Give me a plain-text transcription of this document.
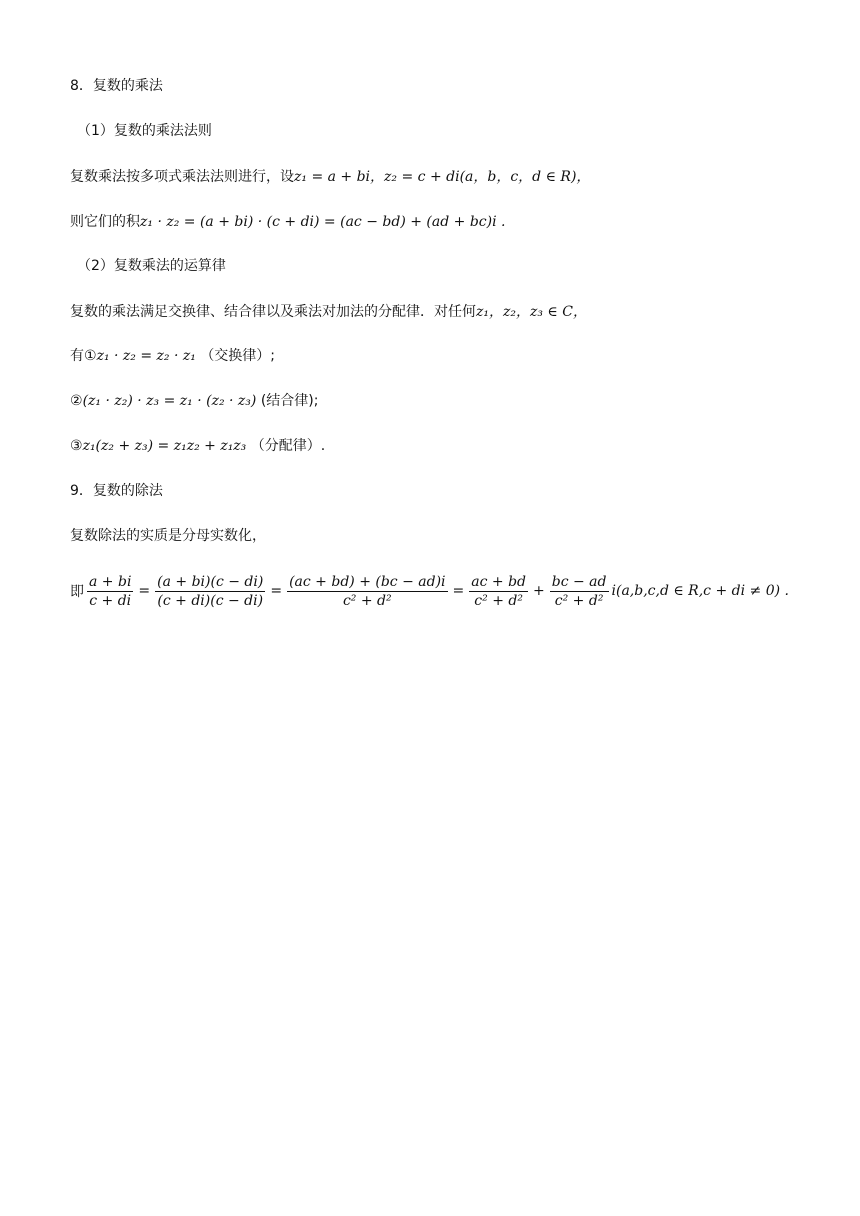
8．复数的乘法
（1）复数的乘法法则
复数乘法按多项式乘法法则进行，设z₁ = a + bi，z₂ = c + di(a，b，c，d ∈ R)，
则它们的积z₁ · z₂ = (a + bi) · (c + di) = (ac − bd) + (ad + bc)i .
（2）复数乘法的运算律
复数的乘法满足交换律、结合律以及乘法对加法的分配律．对任何z₁，z₂，z₃ ∈ C，
有①z₁ · z₂ = z₂ · z₁ （交换律）;
②(z₁ · z₂) · z₃ = z₁ · (z₂ · z₃) (结合律);
③z₁(z₂ + z₃) = z₁z₂ + z₁z₃ （分配律）.
9．复数的除法
复数除法的实质是分母实数化，
即 $\frac{a + bi}{c + di} = \frac{(a + bi)(c - di)}{(c + di)(c - di)} = \frac{(ac + bd) + (bc - ad)i}{\text{c² + d²}} = \frac{ac + bd}{\text{c² + d²}} + \frac{bc - ad}{\text{c² + d²}} i(a,b,c,d$ ∈ R,c + di ≠ 0) .
